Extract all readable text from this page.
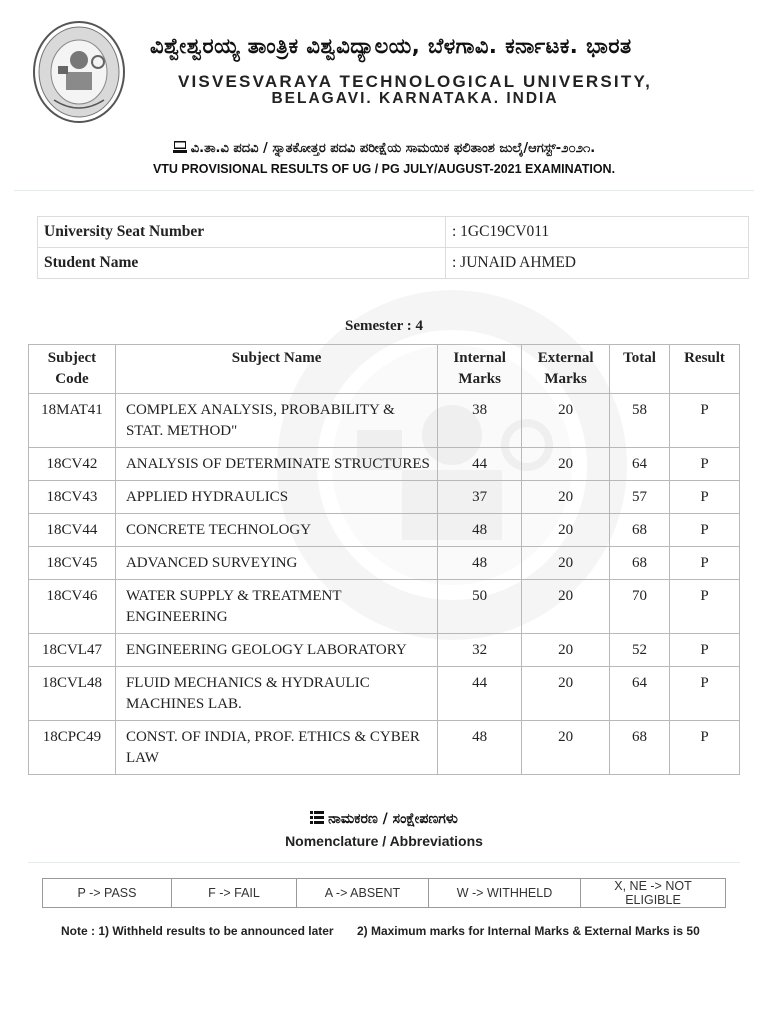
ವಿಶ್ವೇಶ್ವರಯ್ಯ ತಾಂತ್ರಿಕ ವಿಶ್ವವಿದ್ಯಾಲಯ, ಬೆಳಗಾವಿ. ಕರ್ನಾಟಕ. ಭಾರತ
VISVESVARAYA TECHNOLOGICAL UNIVERSITY,
BELAGAVI. KARNATAKA. INDIA
ವಿ.ತಾ.ವಿ ಪದವಿ / ಸ್ನಾತಕೋತ್ತರ ಪದವಿ ಪರೀಕ್ಷೆಯ ಸಾಮಯಿಕ ಫಲಿತಾಂಶ ಜುಲೈ/ಆಗಸ್ಟ್-೨೦೨೧.
VTU PROVISIONAL RESULTS OF UG / PG JULY/AUGUST-2021 EXAMINATION.
University Seat Number	: 1GC19CV011
Student Name	: JUNAID AHMED
Semester : 4
Subject Code	Subject Name	Internal Marks	External Marks	Total	Result
18MAT41	COMPLEX ANALYSIS, PROBABILITY & STAT. METHOD"	38	20	58	P
18CV42	ANALYSIS OF DETERMINATE STRUCTURES	44	20	64	P
18CV43	APPLIED HYDRAULICS	37	20	57	P
18CV44	CONCRETE TECHNOLOGY	48	20	68	P
18CV45	ADVANCED SURVEYING	48	20	68	P
18CV46	WATER SUPPLY & TREATMENT ENGINEERING	50	20	70	P
18CVL47	ENGINEERING GEOLOGY LABORATORY	32	20	52	P
18CVL48	FLUID MECHANICS & HYDRAULIC MACHINES LAB.	44	20	64	P
18CPC49	CONST. OF INDIA, PROF. ETHICS & CYBER LAW	48	20	68	P
ನಾಮಕರಣ / ಸಂಕ್ಷೇಪಣಗಳು
Nomenclature / Abbreviations
P -> PASS	F -> FAIL	A -> ABSENT	W -> WITHHELD	X, NE -> NOT ELIGIBLE
Note : 1) Withheld results to be announced later 2) Maximum marks for Internal Marks & External Marks is 50
